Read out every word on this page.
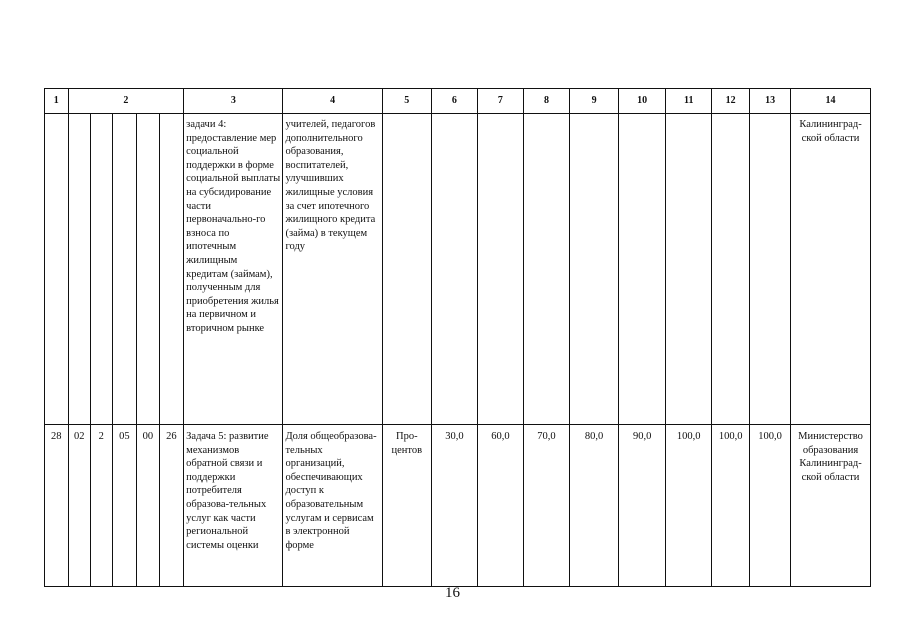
1	2					3	4	5	6	7	8	9	10	11	12	13	14
						задачи 4: предоставление мер социальной поддержки в форме социальной выплаты на субсидирование части первоначально-го взноса по ипотечным жилищным кредитам (займам), полученным для приобретения жилья на первичном и вторичном рынке	учителей, педагогов дополнительного образования, воспитателей, улучшивших жилищные условия за счет ипотечного жилищного кредита (займа) в текущем году										Калининград-ской области
28	02	2	05	00	26	Задача 5: развитие механизмов обратной связи и поддержки потребителя образова-тельных услуг как части региональной системы оценки	Доля общеобразова-тельных организаций, обеспечивающих доступ к образовательным услугам и сервисам в электронной форме	Про-центов	30,0	60,0	70,0	80,0	90,0	100,0	100,0	100,0	Министерство образования Калининград-ской области
16
